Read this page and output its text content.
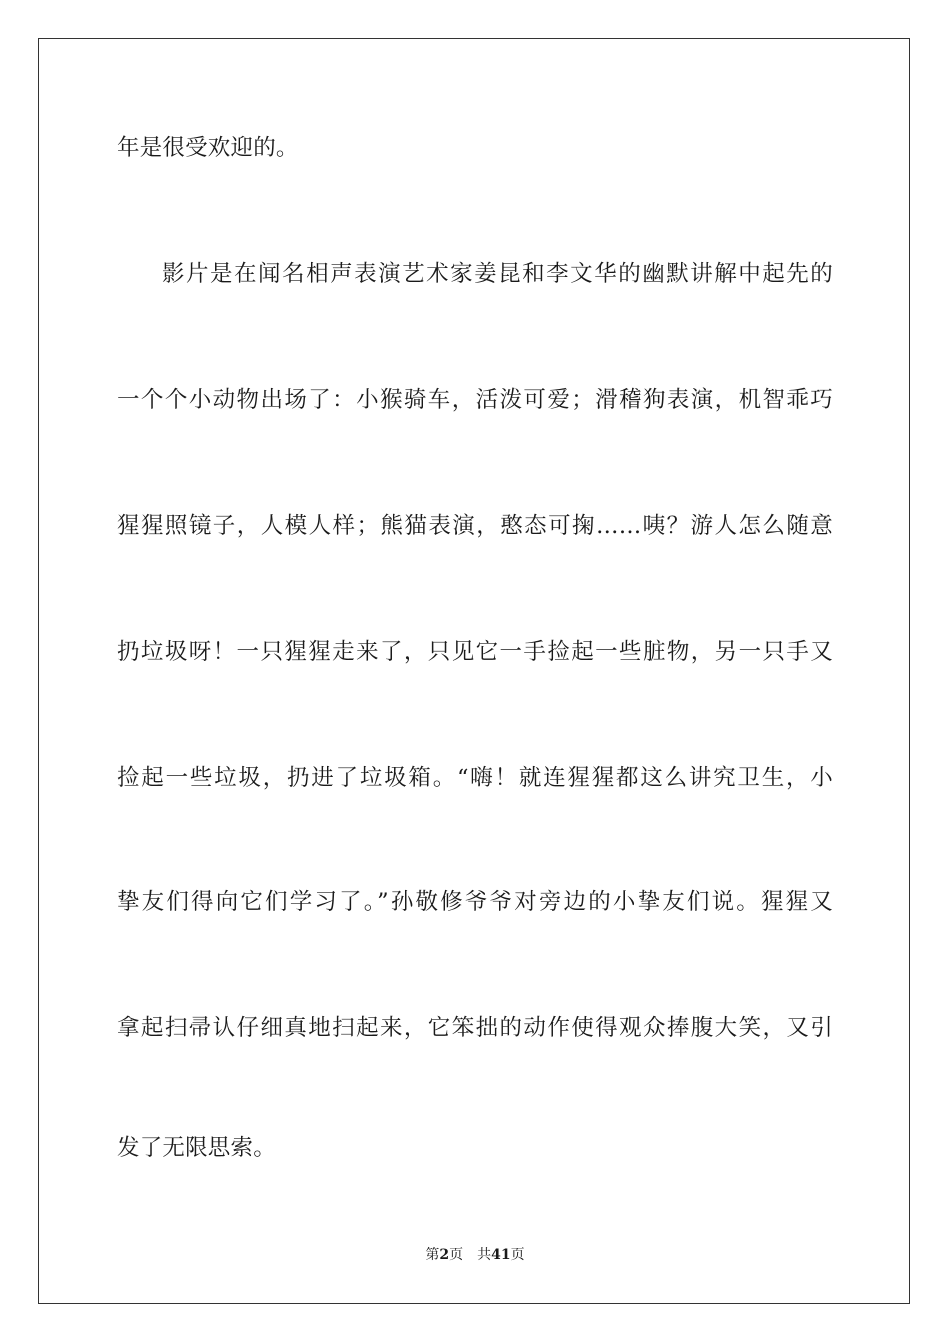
年是很受欢迎的。
影片是在闻名相声表演艺术家姜昆和李文华的幽默讲解中起先的
一个个小动物出场了：小猴骑车，活泼可爱；滑稽狗表演，机智乖巧
猩猩照镜子，人模人样；熊猫表演，憨态可掬……咦？游人怎么随意
扔垃圾呀！一只猩猩走来了，只见它一手捡起一些脏物，另一只手又
捡起一些垃圾，扔进了垃圾箱。“嗨！就连猩猩都这么讲究卫生，小
挚友们得向它们学习了。”孙敬修爷爷对旁边的小挚友们说。猩猩又
拿起扫帚认仔细真地扫起来，它笨拙的动作使得观众捧腹大笑，又引
发了无限思索。
第2页 共41页
